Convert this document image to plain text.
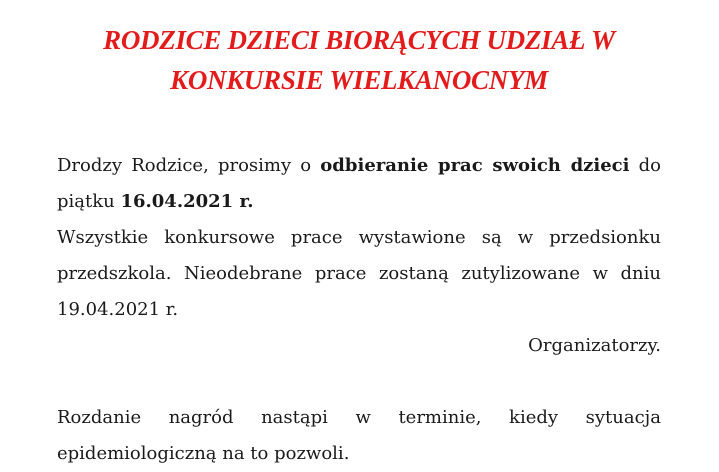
RODZICE DZIECI BIORĄCYCH UDZIAŁ W
KONKURSIE WIELKANOCNYM

Drodzy Rodzice, prosimy o odbieranie prac swoich dzieci do piątku 16.04.2021 r.

Wszystkie konkursowe prace wystawione są w przedsionku
przedszkola. Nieodebrane prace zostaną zutylizowane w dniu
19.04.2021 r.

Organizatorzy.

Rozdanie nagród nastąpi w terminie, kiedy sytuacja
epidemiologiczną na to pozwoli.
